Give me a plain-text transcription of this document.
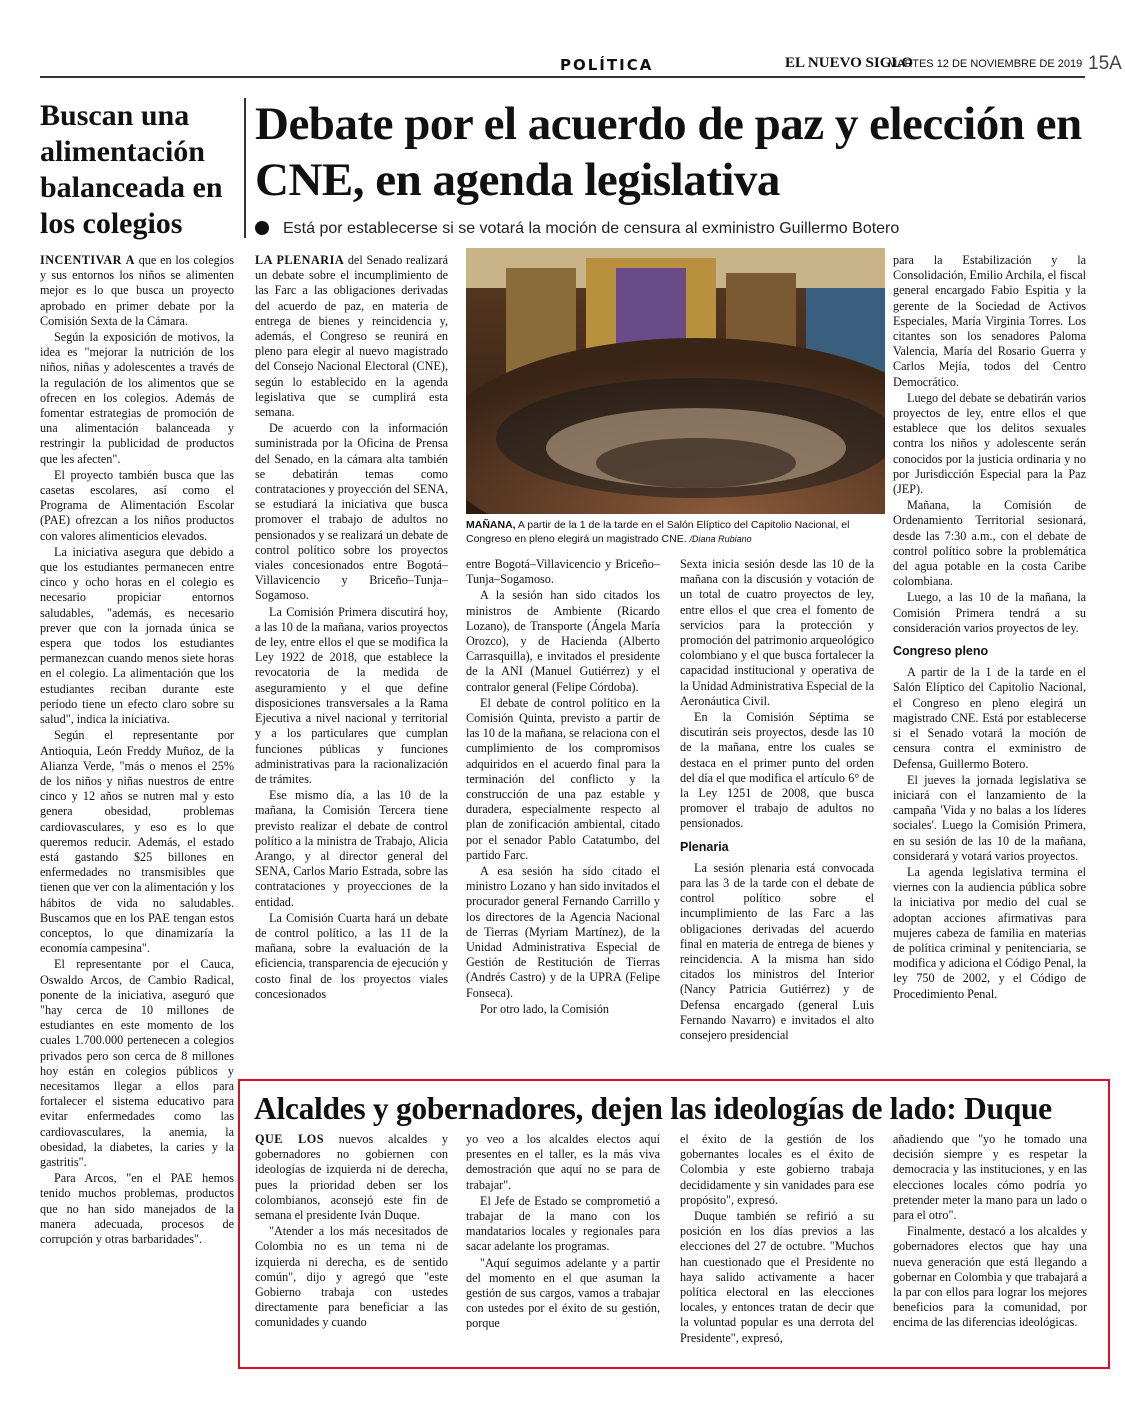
POLÍTICA	EL NUEVO SIGLO
MARTES 12 DE NOVIEMBRE DE 2019 15A
Buscan una alimentación balanceada en los colegios
Debate por el acuerdo de paz y elección en CNE, en agenda legislativa
Está por establecerse si se votará la moción de censura al exministro Guillermo Botero

INCENTIVAR A que en los colegios y sus entornos los niños se alimenten mejor es lo que busca un proyecto aprobado en primer debate por la Comisión Sexta de la Cámara.

Según la exposición de motivos, la idea es "mejorar la nutrición de los niños, niñas y adolescentes a través de la regulación de los alimentos que se ofrecen en los colegios. Además de fomentar estrategias de promoción de una alimentación balanceada y restringir la publicidad de productos que les afecten".

El proyecto también busca que las casetas escolares, así como el Programa de Alimentación Escolar (PAE) ofrezcan a los niños productos con valores alimenticios elevados.

La iniciativa asegura que debido a que los estudiantes permanecen entre cinco y ocho horas en el colegio es necesario propiciar entornos saludables, "además, es necesario prever que con la jornada única se espera que todos los estudiantes permanezcan cuando menos siete horas en el colegio. La alimentación que los estudiantes reciban durante este período tiene un efecto claro sobre su salud", indica la iniciativa.

Según el representante por Antioquia, León Freddy Muñoz, de la Alianza Verde, "más o menos el 25% de los niños y niñas nuestros de entre cinco y 12 años se nutren mal y esto genera obesidad, problemas cardiovasculares, y eso es lo que queremos reducir. Además, el estado está gastando $25 billones en enfermedades no transmisibles que tienen que ver con la alimentación y los hábitos de vida no saludables. Buscamos que en los PAE tengan estos conceptos, lo que dinamizaría la economía campesina".

El representante por el Cauca, Oswaldo Arcos, de Cambio Radical, ponente de la iniciativa, aseguró que "hay cerca de 10 millones de estudiantes en este momento de los cuales 1.700.000 pertenecen a colegios privados pero son cerca de 8 millones hoy están en colegios públicos y necesitamos llegar a ellos para fortalecer el sistema educativo para evitar enfermedades como las cardiovasculares, la anemia, la obesidad, la diabetes, la caries y la gastritis".

Para Arcos, "en el PAE hemos tenido muchos problemas, productos que no han sido manejados de la manera adecuada, procesos de corrupción y otras barbaridades".

LA PLENARIA del Senado realizará un debate sobre el incumplimiento de las Farc a las obligaciones derivadas del acuerdo de paz, en materia de entrega de bienes y reincidencia y, además, el Congreso se reunirá en pleno para elegir al nuevo magistrado del Consejo Nacional Electoral (CNE), según lo establecido en la agenda legislativa que se cumplirá esta semana.

De acuerdo con la información suministrada por la Oficina de Prensa del Senado, en la cámara alta también se debatirán temas como contrataciones y proyección del SENA, se estudiará la iniciativa que busca promover el trabajo de adultos no pensionados y se realizará un debate de control político sobre los proyectos viales concesionados entre Bogotá–Villavicencio y Briceño–Tunja–Sogamoso.

La Comisión Primera discutirá hoy, a las 10 de la mañana, varios proyectos de ley, entre ellos el que se modifica la Ley 1922 de 2018, que establece la revocatoria de la medida de aseguramiento y el que define disposiciones transversales a la Rama Ejecutiva a nivel nacional y territorial y a los particulares que cumplan funciones públicas y funciones administrativas para la racionalización de trámites.

Ese mismo día, a las 10 de la mañana, la Comisión Tercera tiene previsto realizar el debate de control político a la ministra de Trabajo, Alicia Arango, y al director general del SENA, Carlos Mario Estrada, sobre las contrataciones y proyecciones de la entidad.

La Comisión Cuarta hará un debate de control político, a las 11 de la mañana, sobre la evaluación de la eficiencia, transparencia de ejecución y costo final de los proyectos viales concesionados

MAÑANA, A partir de la 1 de la tarde en el Salón Elíptico del Capitolio Nacional, el Congreso en pleno elegirá un magistrado CNE. /Diana Rubiano

entre Bogotá–Villavicencio y Briceño–Tunja–Sogamoso.

A la sesión han sido citados los ministros de Ambiente (Ricardo Lozano), de Transporte (Ángela María Orozco), y de Hacienda (Alberto Carrasquilla), e invitados el presidente de la ANI (Manuel Gutiérrez) y el contralor general (Felipe Córdoba).

El debate de control político en la Comisión Quinta, previsto a partir de las 10 de la mañana, se relaciona con el cumplimiento de los compromisos adquiridos en el acuerdo final para la terminación del conflicto y la construcción de una paz estable y duradera, especialmente respecto al plan de zonificación ambiental, citado por el senador Pablo Catatumbo, del partido Farc.

A esa sesión ha sido citado el ministro Lozano y han sido invitados el procurador general Fernando Carrillo y los directores de la Agencia Nacional de Tierras (Myriam Martínez), de la Unidad Administrativa Especial de Gestión de Restitución de Tierras (Andrés Castro) y de la UPRA (Felipe Fonseca).

Por otro lado, la Comisión

Sexta inicia sesión desde las 10 de la mañana con la discusión y votación de un total de cuatro proyectos de ley, entre ellos el que crea el fomento de servicios para la protección y promoción del patrimonio arqueológico colombiano y el que busca fortalecer la capacidad institucional y operativa de la Unidad Administrativa Especial de la Aeronáutica Civil.

En la Comisión Séptima se discutirán seis proyectos, desde las 10 de la mañana, entre los cuales se destaca en el primer punto del orden del día el que modifica el artículo 6° de la Ley 1251 de 2008, que busca promover el trabajo de adultos no pensionados.

Plenaria

La sesión plenaria está convocada para las 3 de la tarde con el debate de control político sobre el incumplimiento de las Farc a las obligaciones derivadas del acuerdo final en materia de entrega de bienes y reincidencia. A la misma han sido citados los ministros del Interior (Nancy Patricia Gutiérrez) y de Defensa encargado (general Luis Fernando Navarro) e invitados el alto consejero presidencial

para la Estabilización y la Consolidación, Emilio Archila, el fiscal general encargado Fabio Espitia y la gerente de la Sociedad de Activos Especiales, María Virginia Torres. Los citantes son los senadores Paloma Valencia, María del Rosario Guerra y Carlos Mejía, todos del Centro Democrático.

Luego del debate se debatirán varios proyectos de ley, entre ellos el que establece que los delitos sexuales contra los niños y adolescente serán conocidos por la justicia ordinaria y no por Jurisdicción Especial para la Paz (JEP).

Mañana, la Comisión de Ordenamiento Territorial sesionará, desde las 7:30 a.m., con el debate de control político sobre la problemática del agua potable en la costa Caribe colombiana.

Luego, a las 10 de la mañana, la Comisión Primera tendrá a su consideración varios proyectos de ley.

Congreso pleno

A partir de la 1 de la tarde en el Salón Elíptico del Capitolio Nacional, el Congreso en pleno elegirá un magistrado CNE. Está por establecerse si el Senado votará la moción de censura contra el exministro de Defensa, Guillermo Botero.

El jueves la jornada legislativa se iniciará con el lanzamiento de la campaña 'Vida y no balas a los líderes sociales'. Luego la Comisión Primera, en su sesión de las 10 de la mañana, considerará y votará varios proyectos.

La agenda legislativa termina el viernes con la audiencia pública sobre la iniciativa por medio del cual se adoptan acciones afirmativas para mujeres cabeza de familia en materias de política criminal y penitenciaria, se modifica y adiciona el Código Penal, la ley 750 de 2002, y el Código de Procedimiento Penal.

Alcaldes y gobernadores, dejen las ideologías de lado: Duque

QUE LOS nuevos alcaldes y gobernadores no gobiernen con ideologías de izquierda ni de derecha, pues la prioridad deben ser los colombianos, aconsejó este fin de semana el presidente Iván Duque.

"Atender a los más necesitados de Colombia no es un tema ni de izquierda ni derecha, es de sentido común", dijo y agregó que "este Gobierno trabaja con ustedes directamente para beneficiar a las comunidades y cuando

yo veo a los alcaldes electos aquí presentes en el taller, es la más viva demostración que aquí no se para de trabajar".

El Jefe de Estado se comprometió a trabajar de la mano con los mandatarios locales y regionales para sacar adelante los programas.

"Aquí seguimos adelante y a partir del momento en el que asuman la gestión de sus cargos, vamos a trabajar con ustedes por el éxito de su gestión, porque

el éxito de la gestión de los gobernantes locales es el éxito de Colombia y este gobierno trabaja decididamente y sin vanidades para ese propósito", expresó.

Duque también se refirió a su posición en los días previos a las elecciones del 27 de octubre. "Muchos han cuestionado que el Presidente no haya salido activamente a hacer política electoral en las elecciones locales, y entonces tratan de decir que la voluntad popular es una derrota del Presidente", expresó,

añadiendo que "yo he tomado una decisión siempre y es respetar la democracia y las instituciones, y en las elecciones locales cómo podría yo pretender meter la mano para un lado o para el otro".

Finalmente, destacó a los alcaldes y gobernadores electos que hay una nueva generación que está llegando a gobernar en Colombia y que trabajará a la par con ellos para lograr los mejores beneficios para la comunidad, por encima de las diferencias ideológicas.
